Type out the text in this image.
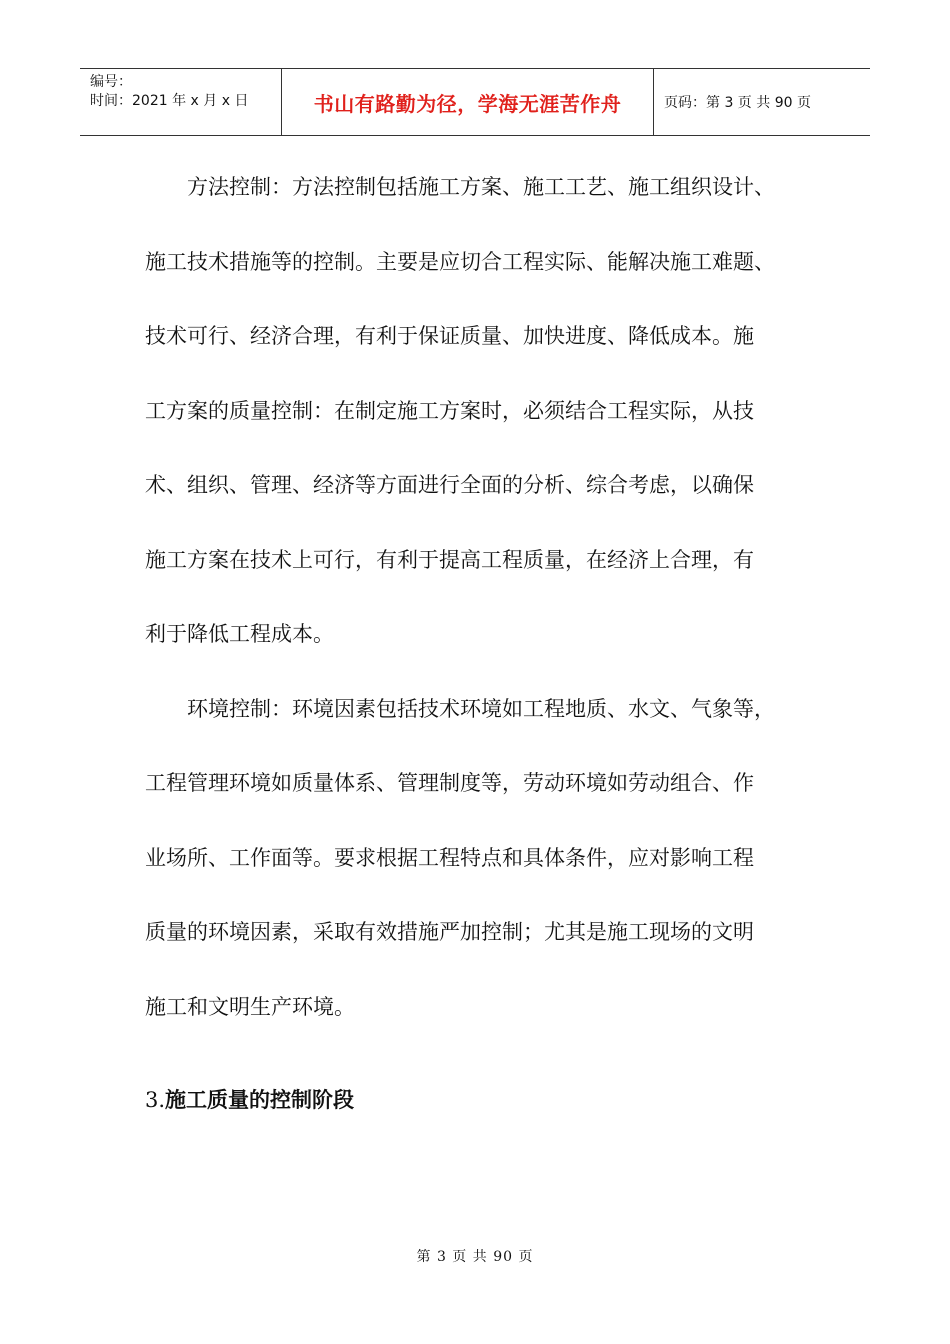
编号：
时间：2021 年 x 月 x 日	书山有路勤为径，学海无涯苦作舟	页码：第 3 页 共 90 页

方法控制：方法控制包括施工方案、施工工艺、施工组织设计、
施工技术措施等的控制。主要是应切合工程实际、能解决施工难题、
技术可行、经济合理，有利于保证质量、加快进度、降低成本。施
工方案的质量控制：在制定施工方案时，必须结合工程实际，从技
术、组织、管理、经济等方面进行全面的分析、综合考虑，以确保
施工方案在技术上可行，有利于提高工程质量，在经济上合理，有
利于降低工程成本。

环境控制：环境因素包括技术环境如工程地质、水文、气象等，
工程管理环境如质量体系、管理制度等，劳动环境如劳动组合、作
业场所、工作面等。要求根据工程特点和具体条件，应对影响工程
质量的环境因素，采取有效措施严加控制；尤其是施工现场的文明
施工和文明生产环境。

3.施工质量的控制阶段
第 3 页 共 90 页
